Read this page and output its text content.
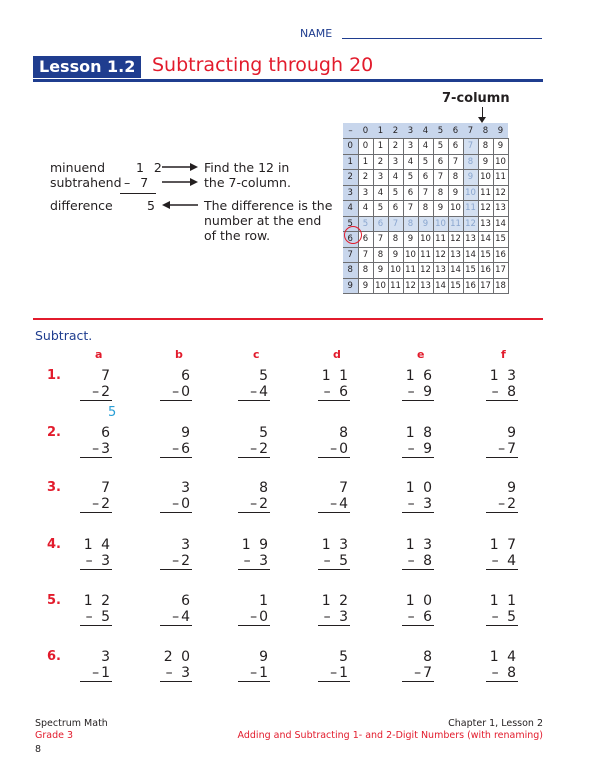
NAME
Lesson 1.2 Subtracting through 20
minuend
subtrahend
difference
1 2
– 7
5
Find the 12 in
the 7-column.
The difference is the
number at the end
of the row.
7-column
–	0	1	2	3	4	5	6	7	8	9
0	0	1	2	3	4	5	6	7	8	9
1	1	2	3	4	5	6	7	8	9	10
2	2	3	4	5	6	7	8	9	10	11
3	3	4	5	6	7	8	9	10	11	12
4	4	5	6	7	8	9	10	11	12	13
5	5	6	7	8	9	10	11	12	13	14
6	6	7	8	9	10	11	12	13	14	15
7	7	8	9	10	11	12	13	14	15	16
8	8	9	10	11	12	13	14	15	16	17
9	9	10	11	12	13	14	15	16	17	18
Subtract.
a	b	c	d	e	f
1.	7
–2
6
–0
5
–4
1 1
– 6
1 6
– 9
1 3
– 8
2.	6
–3
9
–6
5
–2
8
–0
1 8
– 9
9
–7
3.	7
–2
3
–0
8
–2
7
–4
1 0
– 3
9
–2
4.	1 4
– 3
3
–2
1 9
– 3
1 3
– 5
1 3
– 8
1 7
– 4
5.	1 2
– 5
6
–4
1
–0
1 2
– 3
1 0
– 6
1 1
– 5
6.	3
–1
2 0
– 3
9
–1
5
–1
8
–7
1 4
– 8
5
Spectrum Math
Grade 3
8
Chapter 1, Lesson 2
Adding and Subtracting 1- and 2-Digit Numbers (with renaming)
